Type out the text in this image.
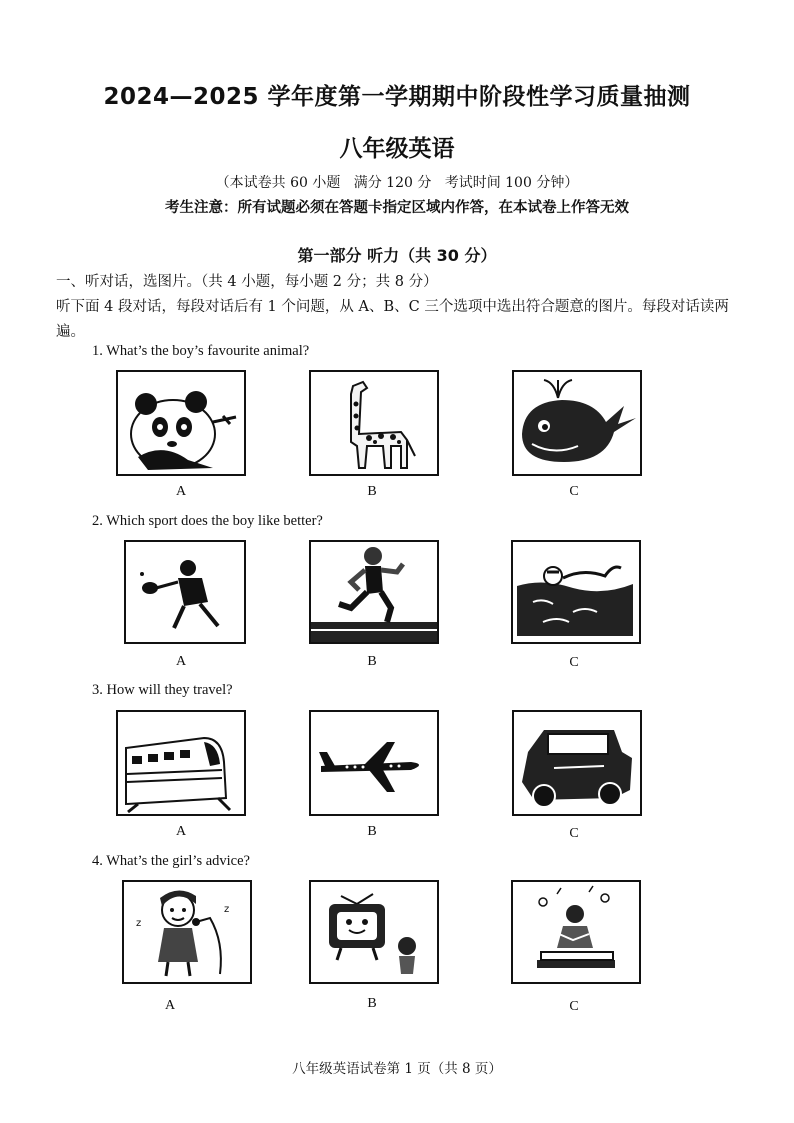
2024—2025 学年度第一学期期中阶段性学习质量抽测
八年级英语
（本试卷共 60 小题   满分 120 分   考试时间 100 分钟）
考生注意：所有试题必须在答题卡指定区域内作答，在本试卷上作答无效
第一部分 听力（共 30 分）
一、听对话，选图片。（共 4 小题，每小题 2 分；共 8 分）
听下面 4 段对话，每段对话后有 1 个问题，从 A、B、C 三个选项中选出符合题意的图片。每段对话读两遍。
1. What’s the boy’s favourite animal?
A	B	C
2. Which sport does the boy like better?
A	B	C
3. How will they travel?
A	B	C
4. What’s the girl’s advice?
z
z
A	B	C
八年级英语试卷第 1 页（共 8 页）
